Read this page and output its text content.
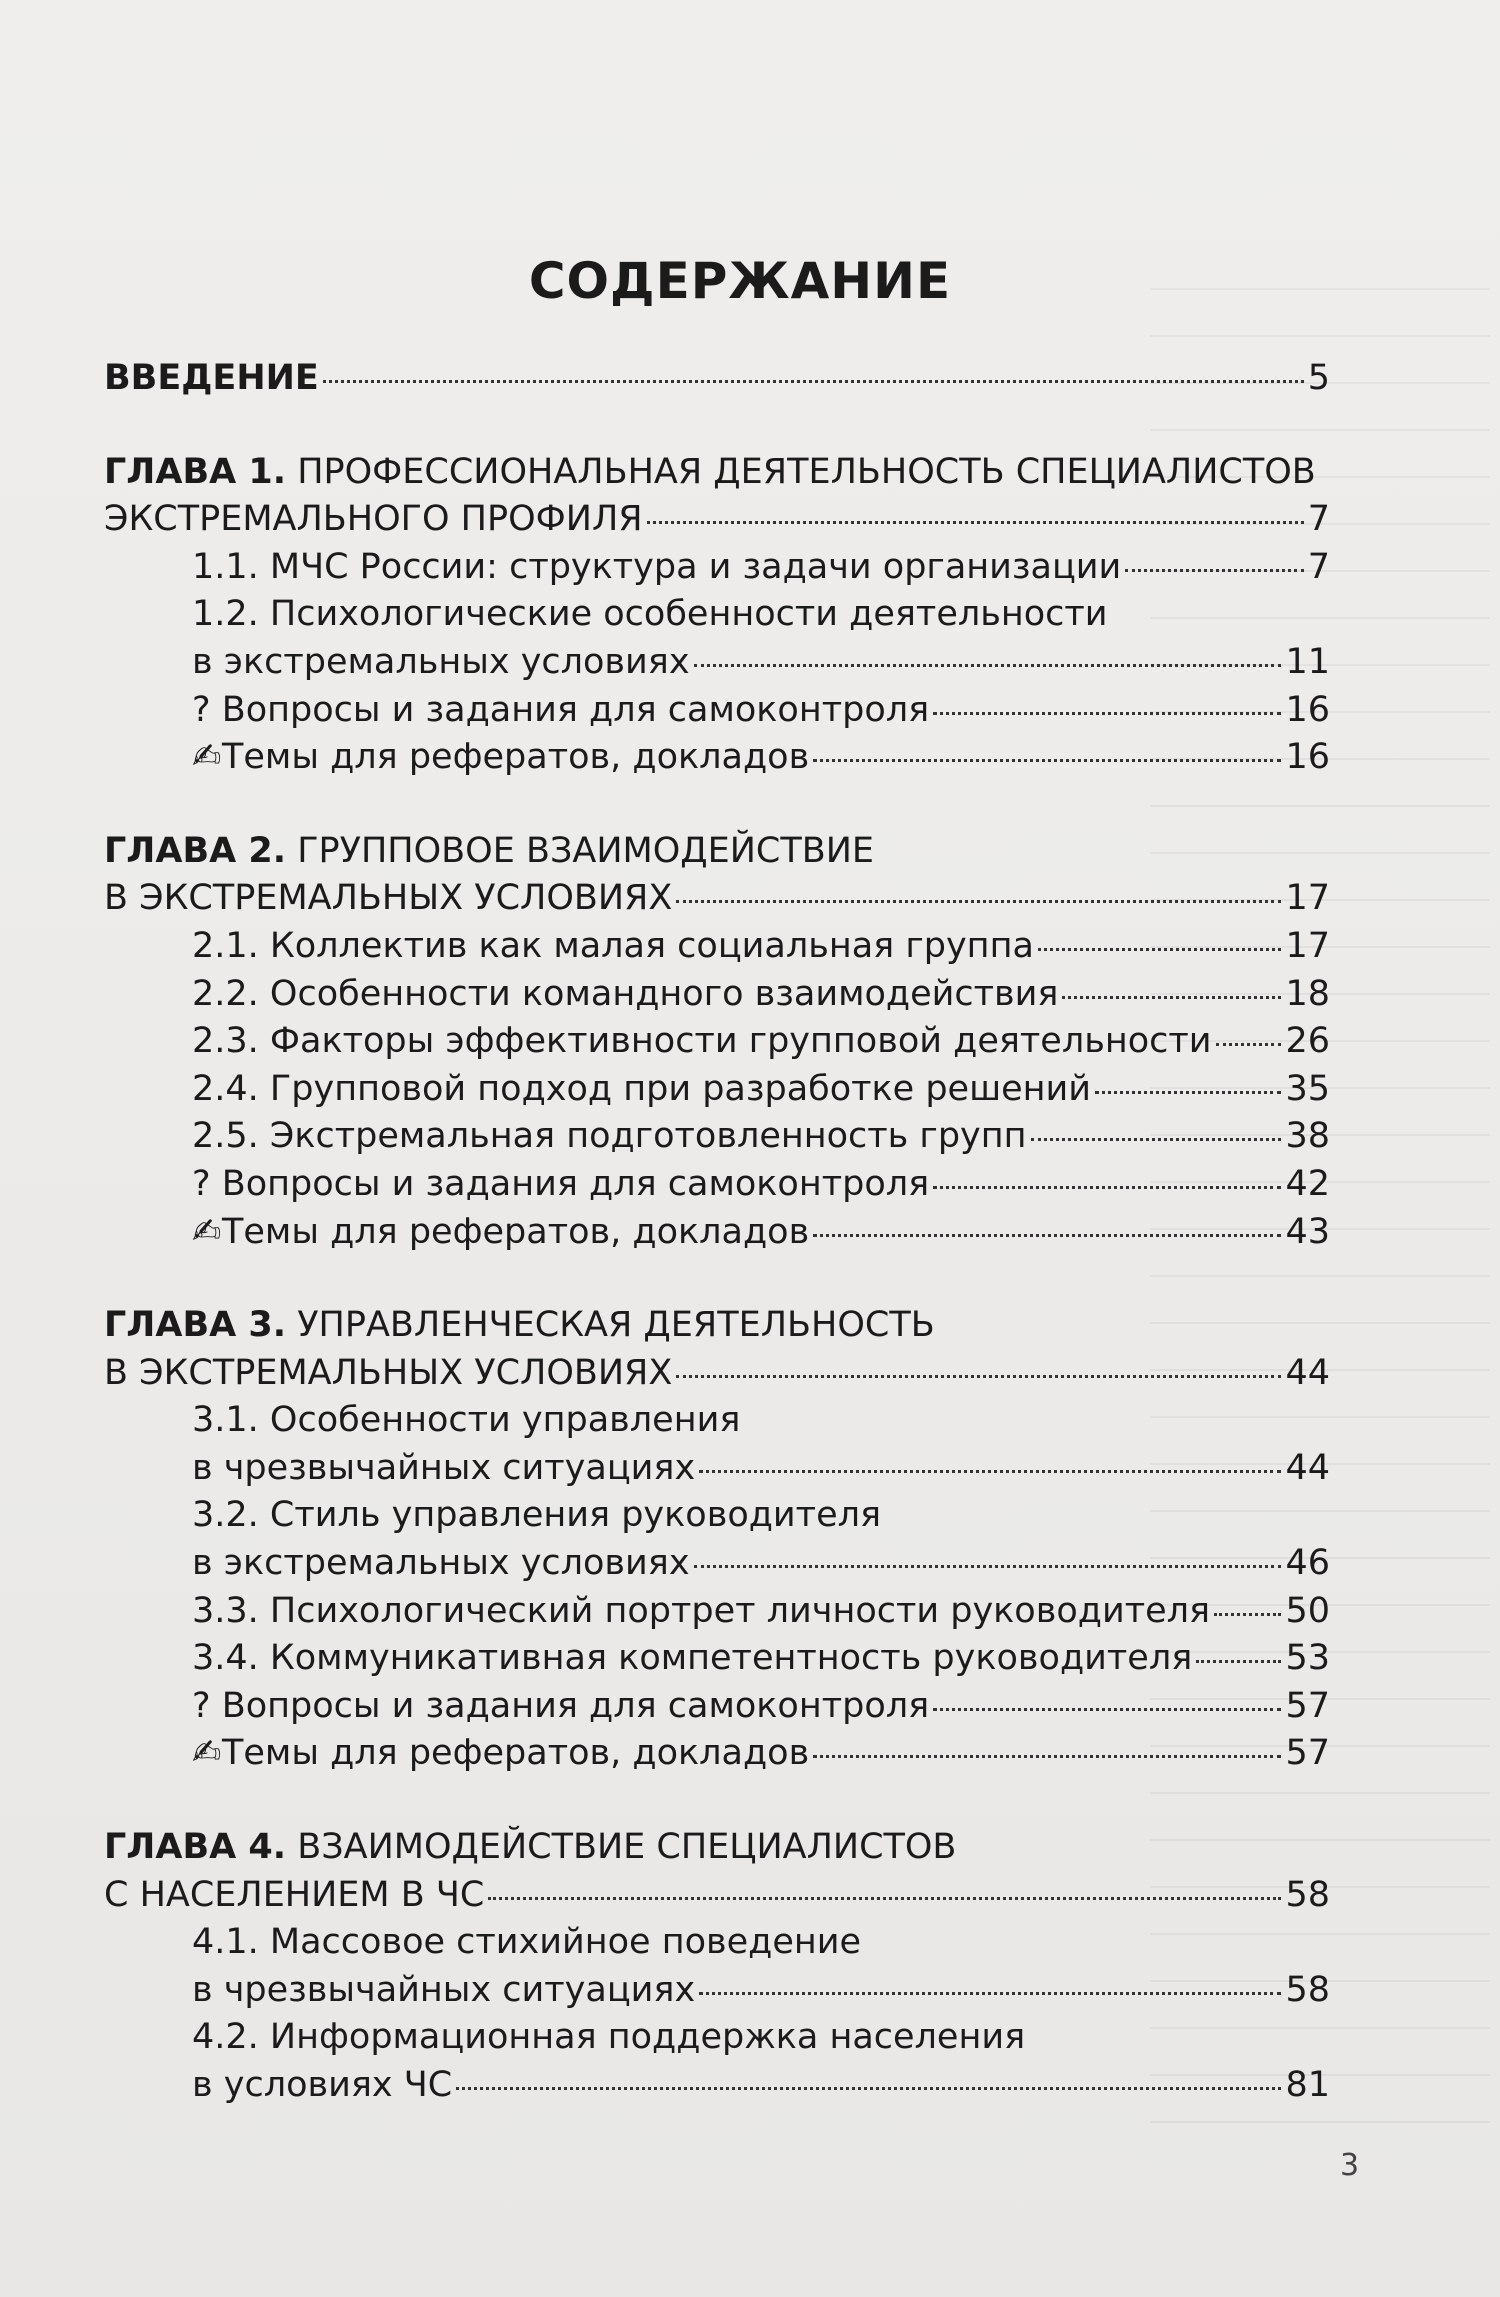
СОДЕРЖАНИЕ
ВВЕДЕНИЕ	5
ГЛАВА 1. ПРОФЕССИОНАЛЬНАЯ ДЕЯТЕЛЬНОСТЬ СПЕЦИАЛИСТОВ
ЭКСТРЕМАЛЬНОГО ПРОФИЛЯ	7
1.1. МЧС России: структура и задачи организации	7
1.2. Психологические особенности деятельности
в экстремальных условиях	11
? Вопросы и задания для самоконтроля	16
✍Темы для рефератов, докладов	16
ГЛАВА 2. ГРУППОВОЕ ВЗАИМОДЕЙСТВИЕ
В ЭКСТРЕМАЛЬНЫХ УСЛОВИЯХ	17
2.1. Коллектив как малая социальная группа	17
2.2. Особенности командного взаимодействия	18
2.3. Факторы эффективности групповой деятельности 26
2.4. Групповой подход при разработке решений	35
2.5. Экстремальная подготовленность групп	38
? Вопросы и задания для самоконтроля	42
✍Темы для рефератов, докладов	43
ГЛАВА 3. УПРАВЛЕНЧЕСКАЯ ДЕЯТЕЛЬНОСТЬ
В ЭКСТРЕМАЛЬНЫХ УСЛОВИЯХ	44
3.1. Особенности управления
в чрезвычайных ситуациях	44
3.2. Стиль управления руководителя
в экстремальных условиях	46
3.3. Психологический портрет личности руководителя 50
3.4. Коммуникативная компетентность руководителя	53
? Вопросы и задания для самоконтроля	57
✍Темы для рефератов, докладов	57
ГЛАВА 4. ВЗАИМОДЕЙСТВИЕ СПЕЦИАЛИСТОВ
С НАСЕЛЕНИЕМ В ЧС	58
4.1. Массовое стихийное поведение
в чрезвычайных ситуациях	58
4.2. Информационная поддержка населения
в условиях ЧС	81
3
